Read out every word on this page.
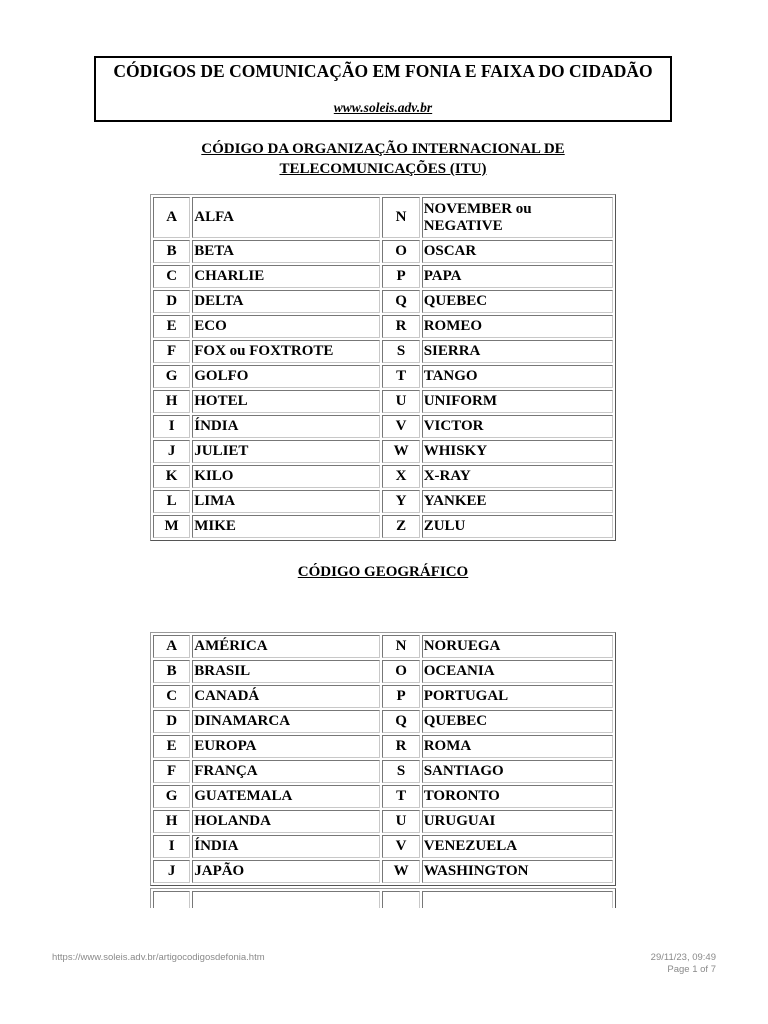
CÓDIGOS DE COMUNICAÇÃO EM FONIA E FAIXA DO CIDADÃO
www.soleis.adv.br
CÓDIGO DA ORGANIZAÇÃO INTERNACIONAL DE
TELECOMUNICAÇÕES (ITU)
A	ALFA	N	NOVEMBER ou NEGATIVE
B	BETA	O	OSCAR
C	CHARLIE	P	PAPA
D	DELTA	Q	QUEBEC
E	ECO	R	ROMEO
F	FOX ou FOXTROTE	S	SIERRA
G	GOLFO	T	TANGO
H	HOTEL	U	UNIFORM
I	ÍNDIA	V	VICTOR
J	JULIET	W	WHISKY
K	KILO	X	X-RAY
L	LIMA	Y	YANKEE
M	MIKE	Z	ZULU
CÓDIGO GEOGRÁFICO
A	AMÉRICA	N	NORUEGA
B	BRASIL	O	OCEANIA
C	CANADÁ	P	PORTUGAL
D	DINAMARCA	Q	QUEBEC
E	EUROPA	R	ROMA
F	FRANÇA	S	SANTIAGO
G	GUATEMALA	T	TORONTO
H	HOLANDA	U	URUGUAI
I	ÍNDIA	V	VENEZUELA
J	JAPÃO	W	WASHINGTON

https://www.soleis.adv.br/artigocodigosdefonia.htm	29/11/23, 09:49
Page 1 of 7
